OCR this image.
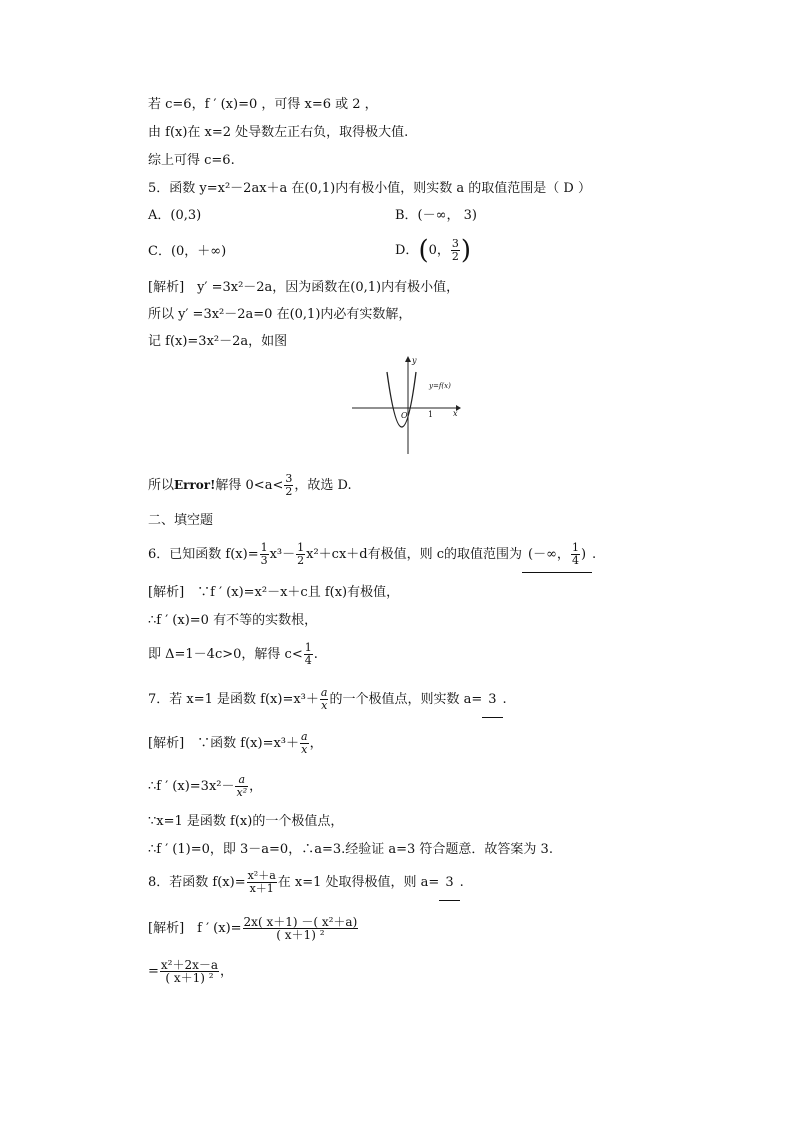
若 c=6，f ′ (x)=0 ，可得 x=6 或 2 ，
由 f(x)在 x=2 处导数左正右负，取得极大值.
综上可得 c=6.
5．函数 y=x²－2ax＋a 在(0,1)内有极小值，则实数 a 的取值范围是（ D ）
A．(0,3)	B．(－∞， 3)
C．(0，＋∞)	D．(0， $\frac{3}{2}$ )
[解析]　y′ =3x²－2a，因为函数在(0,1)内有极小值，
所以 y′ =3x²－2a=0 在(0,1)内必有实数解，
记 f(x)=3x²－2a，如图
y
x
y=f(x)
O	1
所以Error!解得 $0<a< \frac{3}{2}$ ，故选 D.
二、填空题
6．已知函数 $f(x)= \frac{1}{3} x^3- \frac{1}{2} x^2+cx+d$有极值，则 c的取值范围为 (－∞， $\frac{1}{4}$ ) .
[解析]　∵f ′ (x)=x²－x＋c且 f(x)有极值，
∴f ′ (x)=0 有不等的实数根，
即 Δ=1－4c>0，解得 $c< \frac{1}{4}$ .
7．若 x=1 是函数 $f(x)=x^3+ \frac{a}{x}$ 的一个极值点，则实数 a= 3 .
[解析]　∵函数 $f(x)=x^3+ \frac{a}{x}$ ，
∴f ′ $(x)=3x^2- \frac{a}{\text{x²}}$ ，
∵x=1 是函数 f(x)的一个极值点，
∴f ′ (1)=0，即 3－a=0，∴a=3.经验证 a=3 符合题意．故答案为 3.
8．若函数 $f(x)= \frac{\text{x²＋a}}{x+1}$ 在 x=1 处取得极值，则 a= 3 .
[解析]　f ′ $(x)= \frac{\text{2x( x＋1) －( x²＋a)}}{\text{( x＋1) ²}}$
= $\frac{\text{x²＋2x－a}}{\text{( x＋1) ²}}$ ，
